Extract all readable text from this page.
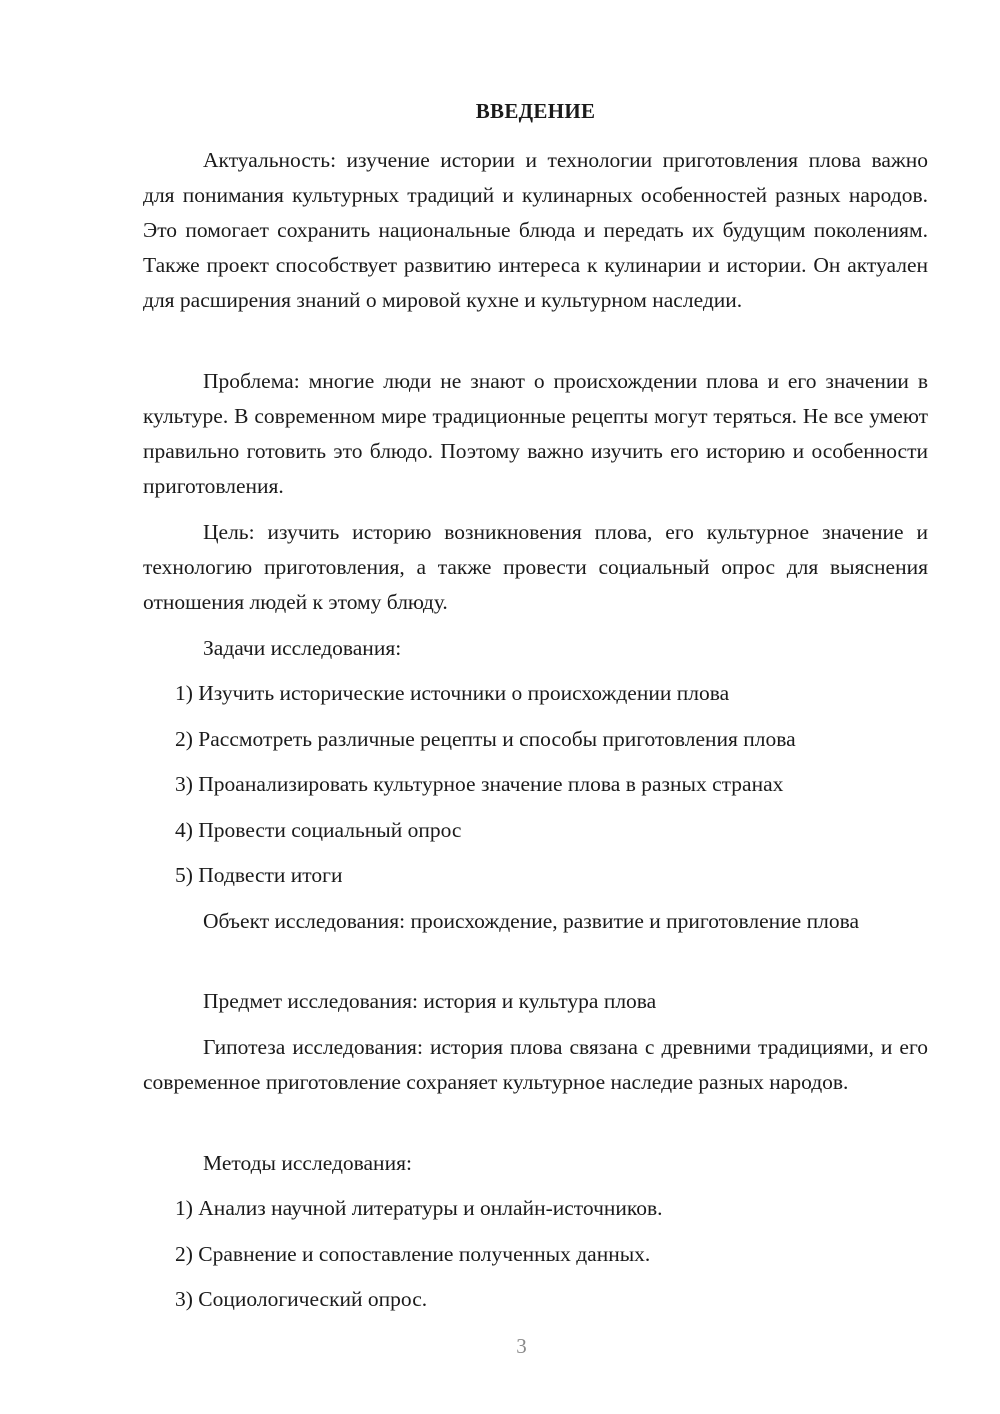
ВВЕДЕНИЕ

Актуальность: изучение истории и технологии приготовления плова важно для понимания культурных традиций и кулинарных особенностей разных народов. Это помогает сохранить национальные блюда и передать их будущим поколениям. Также проект способствует развитию интереса к кулинарии и истории. Он актуален для расширения знаний о мировой кухне и культурном наследии.

Проблема: многие люди не знают о происхождении плова и его значении в культуре. В современном мире традиционные рецепты могут теряться. Не все умеют правильно готовить это блюдо. Поэтому важно изучить его историю и особенности приготовления.

Цель: изучить историю возникновения плова, его культурное значение и технологию приготовления, а также провести социальный опрос для выяснения отношения людей к этому блюду.

Задачи исследования:

1) Изучить исторические источники о происхождении плова

2) Рассмотреть различные рецепты и способы приготовления плова

3) Проанализировать культурное значение плова в разных странах

4) Провести социальный опрос

5) Подвести итоги

Объект исследования: происхождение, развитие и приготовление плова

Предмет исследования: история и культура плова

Гипотеза исследования: история плова связана с древними традициями, и его современное приготовление сохраняет культурное наследие разных народов.

Методы исследования:

1) Анализ научной литературы и онлайн-источников.

2) Сравнение и сопоставление полученных данных.

3) Социологический опрос.

3
